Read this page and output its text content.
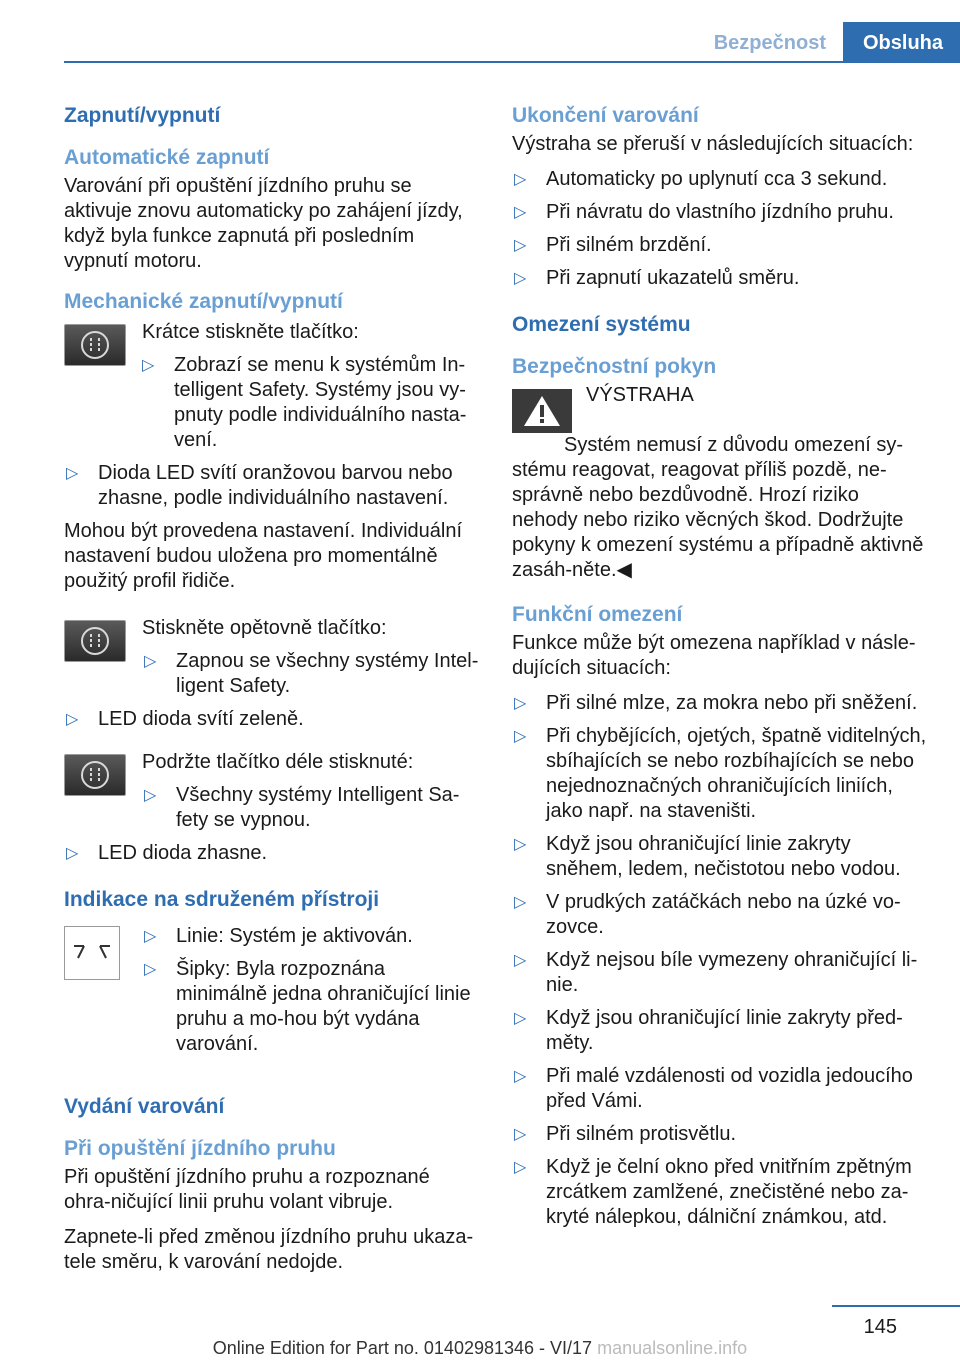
Bezpečnost	Obsluha
Zapnutí/vypnutí
Automatické zapnutí

Varování při opuštění jízdního pruhu se aktivuje znovu automaticky po zahájení jízdy, když byla funkce zapnutá při posledním vypnutí motoru.

Mechanické zapnutí/vypnutí

Krátce stiskněte tlačítko:

▷ Zobrazí se menu k systémům In-telligent Safety. Systémy jsou vy-pnuty podle individuálního nasta-vení.
▷ Dioda LED svítí oranžovou barvou nebo zhasne, podle individuálního nastavení.

Mohou být provedena nastavení. Individuální nastavení budou uložena pro momentálně použitý profil řidiče.

Stiskněte opětovně tlačítko:

▷ Zapnou se všechny systémy Intel-ligent Safety.
▷ LED dioda svítí zeleně.

Podržte tlačítko déle stisknuté:

▷ Všechny systémy Intelligent Sa-fety se vypnou.
▷ LED dioda zhasne.
Indikace na sdruženém přístroji
▷ Linie: Systém je aktivován.
▷ Šipky: Byla rozpoznána minimálně jedna ohraničující linie pruhu a mo-hou být vydána varování.
Vydání varování
Při opuštění jízdního pruhu

Při opuštění jízdního pruhu a rozpoznané ohra-ničující linii pruhu volant vibruje.

Zapnete-li před změnou jízdního pruhu ukaza-tele směru, k varování nedojde.

Ukončení varování

Výstraha se přeruší v následujících situacích:

▷ Automaticky po uplynutí cca 3 sekund.
▷ Při návratu do vlastního jízdního pruhu.
▷ Při silném brzdění.
▷ Při zapnutí ukazatelů směru.
Omezení systému
Bezpečnostní pokyn
VÝSTRAHA

Systém nemusí z důvodu omezení sy-stému reagovat, reagovat příliš pozdě, ne-správně nebo bezdůvodně. Hrozí riziko nehody nebo riziko věcných škod. Dodržujte pokyny k omezení systému a případně aktivně zasáh-něte.◀

Funkční omezení

Funkce může být omezena například v násle-dujících situacích:

▷ Při silné mlze, za mokra nebo při sněžení.
▷ Při chybějících, ojetých, špatně viditelných, sbíhajících se nebo rozbíhajících se nebo nejednoznačných ohraničujících liniích, jako např. na staveništi.
▷ Když jsou ohraničující linie zakryty sněhem, ledem, nečistotou nebo vodou.
▷ V prudkých zatáčkách nebo na úzké vo-zovce.
▷ Když nejsou bíle vymezeny ohraničující li-nie.
▷ Když jsou ohraničující linie zakryty před-měty.
▷ Při malé vzdálenosti od vozidla jedoucího před Vámi.
▷ Při silném protisvětlu.
▷ Když je čelní okno před vnitřním zpětným zrcátkem zamlžené, znečistěné nebo za-kryté nálepkou, dálniční známkou, atd.
145
Online Edition for Part no. 01402981346 - VI/17 manualsonline.info
